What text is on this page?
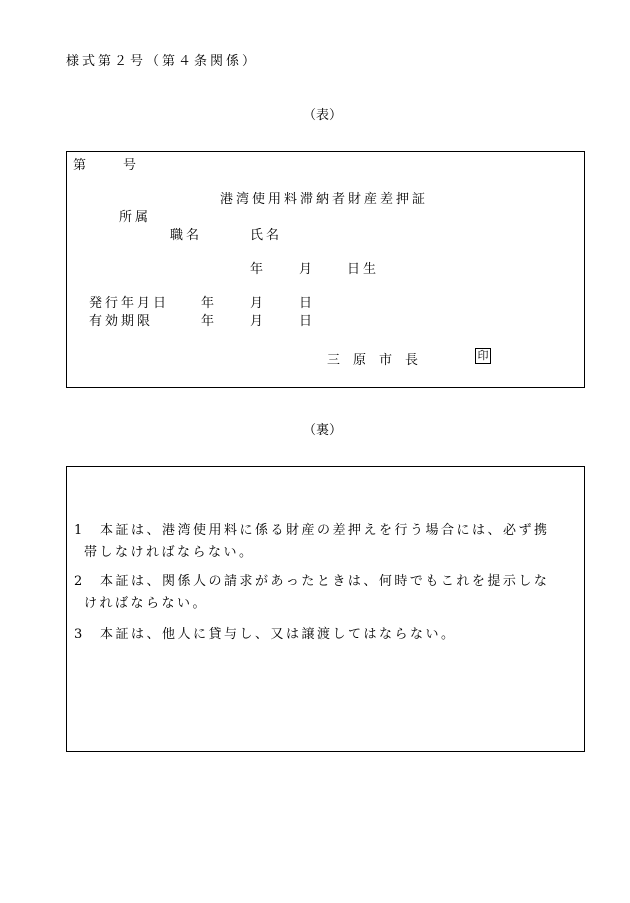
様式第２号（第４条関係）
（表）
第	号
港湾使用料滞納者財産差押証
所属
職名	氏名
年	月	日生
発行年月日 年	月	日
有効期限	年	月	日
三　原　市　長	印
（裏）
1 本証は、港湾使用料に係る財産の差押えを行う場合には、必ず携
帯しなければならない。
2 本証は、関係人の請求があったときは、何時でもこれを提示しな
ければならない。
3 本証は、他人に貸与し、又は譲渡してはならない。
